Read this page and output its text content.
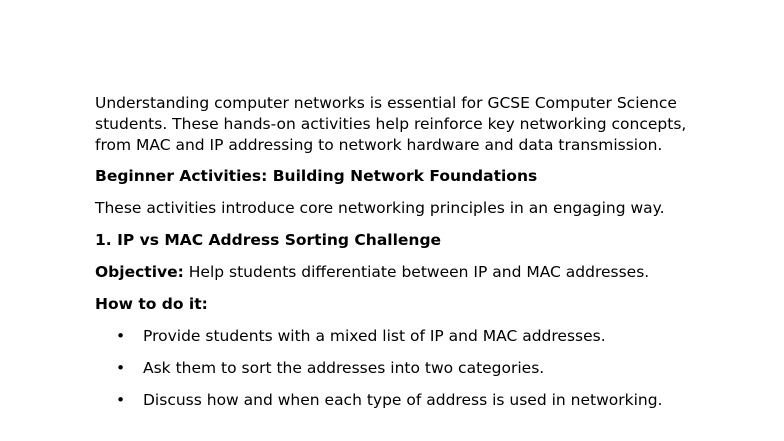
Understanding computer networks is essential for GCSE Computer Science students. These hands-on activities help reinforce key networking concepts, from MAC and IP addressing to network hardware and data transmission.

Beginner Activities: Building Network Foundations

These activities introduce core networking principles in an engaging way.

1. IP vs MAC Address Sorting Challenge

Objective: Help students differentiate between IP and MAC addresses.

How to do it:

• Provide students with a mixed list of IP and MAC addresses.
• Ask them to sort the addresses into two categories.
• Discuss how and when each type of address is used in networking.
